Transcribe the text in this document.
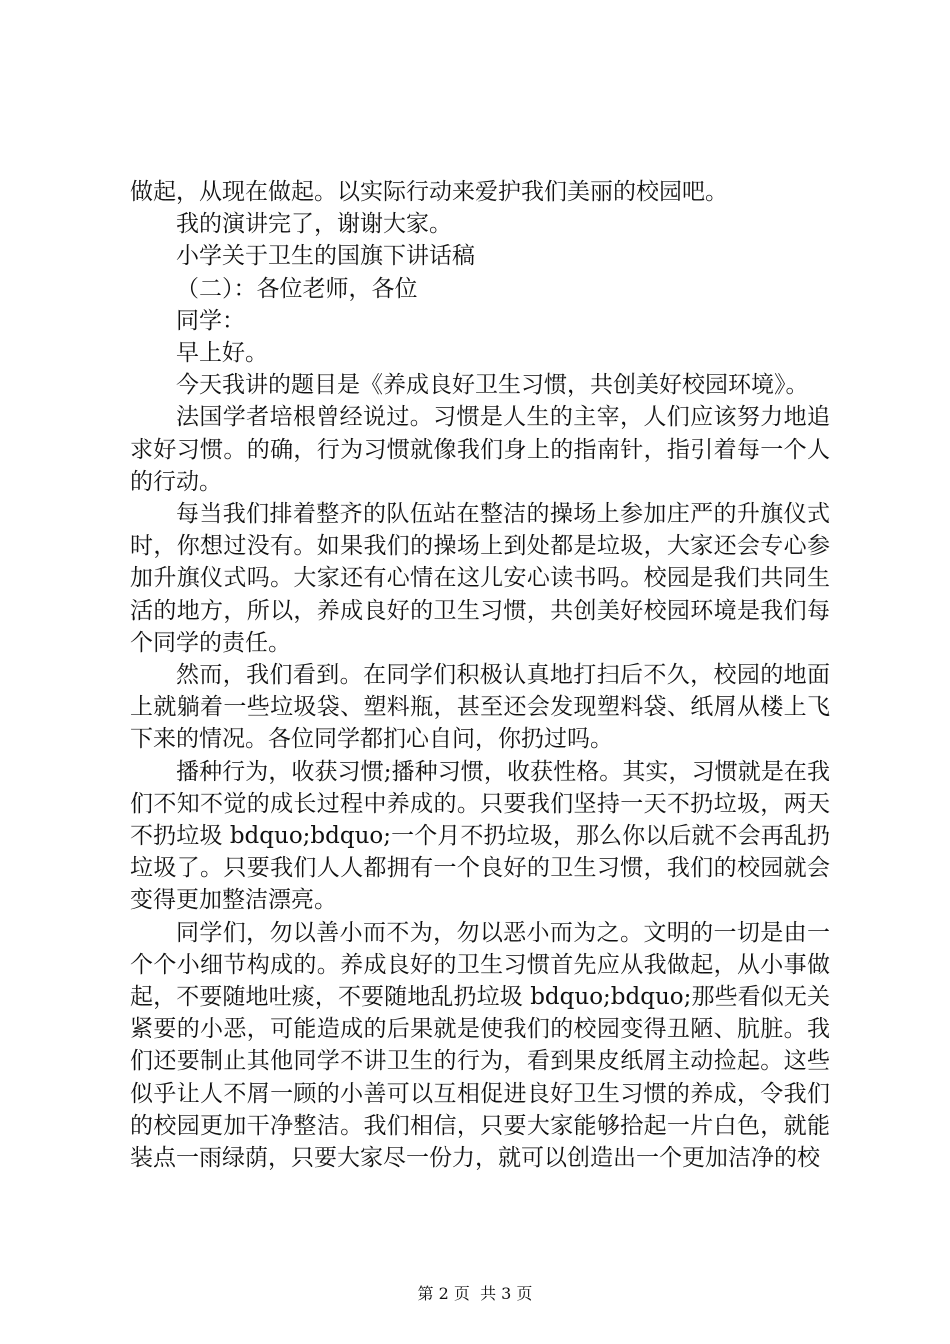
做起，从现在做起。以实际行动来爱护我们美丽的校园吧。

我的演讲完了，谢谢大家。

小学关于卫生的国旗下讲话稿

（二）：各位老师，各位

同学：

早上好。

今天我讲的题目是《养成良好卫生习惯，共创美好校园环境》。

法国学者培根曾经说过。习惯是人生的主宰，人们应该努力地追求好习惯。的确，行为习惯就像我们身上的指南针，指引着每一个人的行动。

每当我们排着整齐的队伍站在整洁的操场上参加庄严的升旗仪式时，你想过没有。如果我们的操场上到处都是垃圾，大家还会专心参加升旗仪式吗。大家还有心情在这儿安心读书吗。校园是我们共同生活的地方，所以，养成良好的卫生习惯，共创美好校园环境是我们每个同学的责任。

然而，我们看到。在同学们积极认真地打扫后不久，校园的地面上就躺着一些垃圾袋、塑料瓶，甚至还会发现塑料袋、纸屑从楼上飞下来的情况。各位同学都扪心自问，你扔过吗。

播种行为，收获习惯;播种习惯，收获性格。其实，习惯就是在我们不知不觉的成长过程中养成的。只要我们坚持一天不扔垃圾，两天不扔垃圾 bdquo;bdquo;一个月不扔垃圾，那么你以后就不会再乱扔垃圾了。只要我们人人都拥有一个良好的卫生习惯，我们的校园就会变得更加整洁漂亮。

同学们，勿以善小而不为，勿以恶小而为之。文明的一切是由一个个小细节构成的。养成良好的卫生习惯首先应从我做起，从小事做起，不要随地吐痰，不要随地乱扔垃圾 bdquo;bdquo;那些看似无关紧要的小恶，可能造成的后果就是使我们的校园变得丑陋、肮脏。我们还要制止其他同学不讲卫生的行为，看到果皮纸屑主动捡起。这些似乎让人不屑一顾的小善可以互相促进良好卫生习惯的养成，令我们的校园更加干净整洁。我们相信，只要大家能够拾起一片白色，就能装点一雨绿荫，只要大家尽一份力，就可以创造出一个更加洁净的校

第 2 页  共 3 页
